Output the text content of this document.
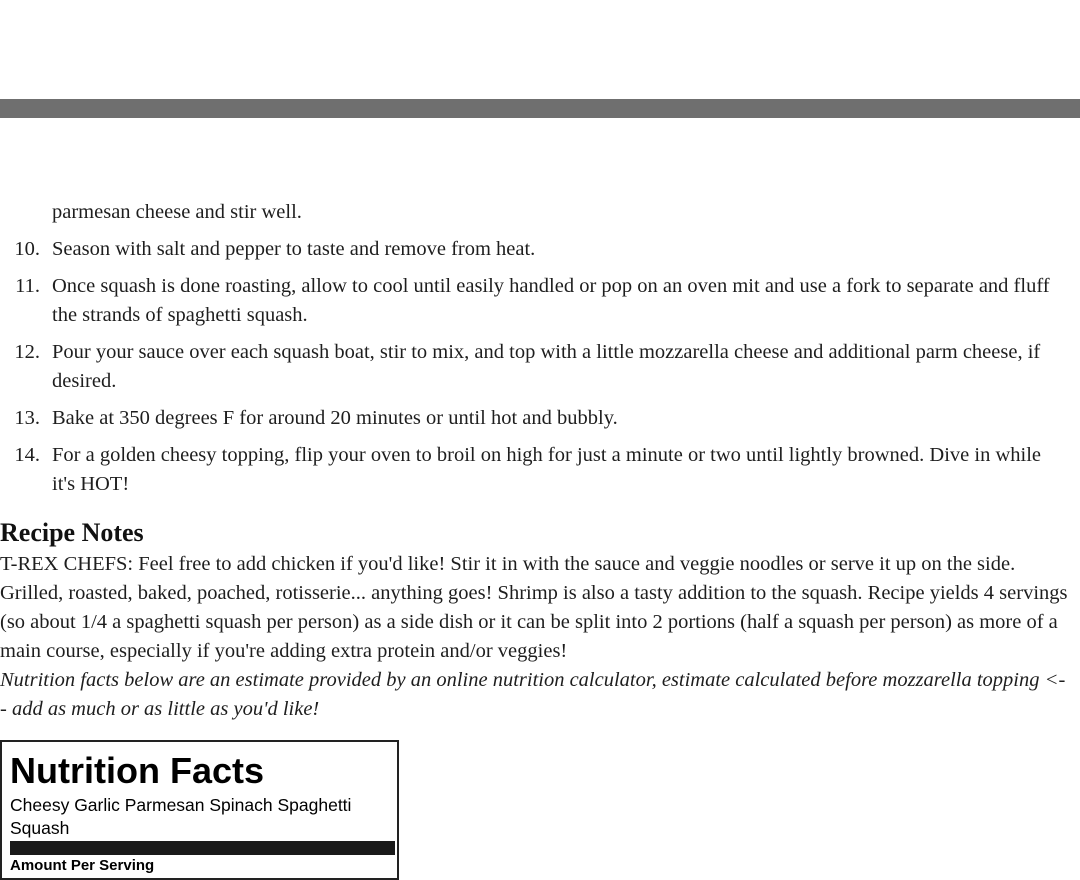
parmesan cheese and stir well.
10. Season with salt and pepper to taste and remove from heat.
11. Once squash is done roasting, allow to cool until easily handled or pop on an oven mit and use a fork to separate and fluff the strands of spaghetti squash.
12. Pour your sauce over each squash boat, stir to mix, and top with a little mozzarella cheese and additional parm cheese, if desired.
13. Bake at 350 degrees F for around 20 minutes or until hot and bubbly.
14. For a golden cheesy topping, flip your oven to broil on high for just a minute or two until lightly browned. Dive in while it's HOT!
Recipe Notes
T-REX CHEFS: Feel free to add chicken if you'd like! Stir it in with the sauce and veggie noodles or serve it up on the side. Grilled, roasted, baked, poached, rotisserie... anything goes! Shrimp is also a tasty addition to the squash. Recipe yields 4 servings (so about 1/4 a spaghetti squash per person) as a side dish or it can be split into 2 portions (half a squash per person) as more of a main course, especially if you're adding extra protein and/or veggies!
Nutrition facts below are an estimate provided by an online nutrition calculator, estimate calculated before mozzarella topping <-- add as much or as little as you'd like!
Nutrition Facts
Cheesy Garlic Parmesan Spinach Spaghetti Squash
Amount Per Serving
